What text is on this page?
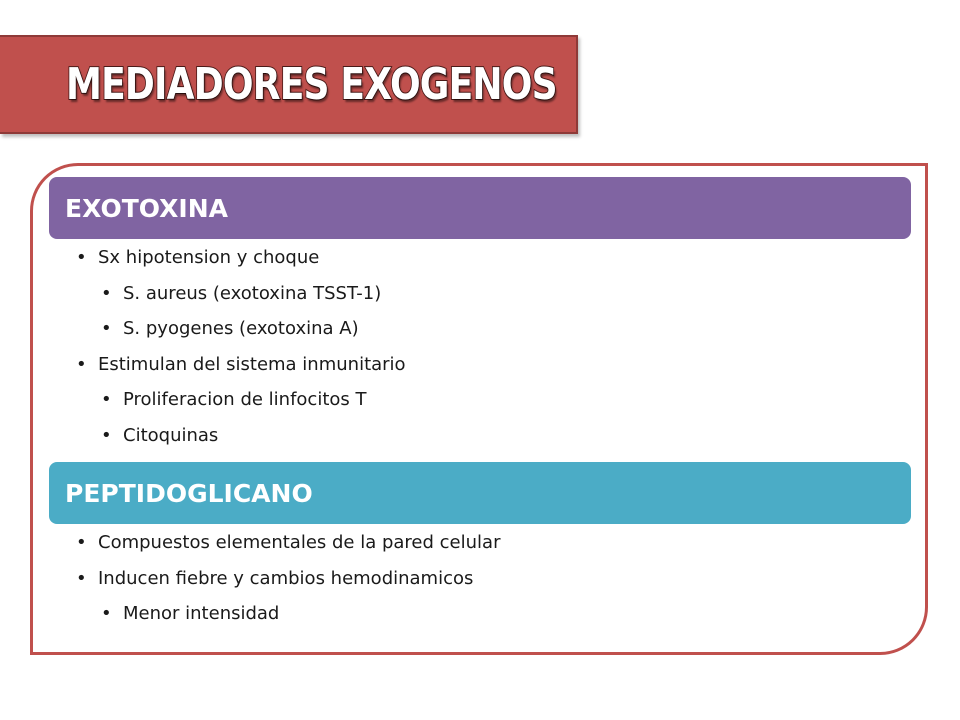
MEDIADORES EXOGENOS
EXOTOXINA
• Sx hipotension y choque
• S. aureus (exotoxina TSST-1)
• S. pyogenes (exotoxina A)
• Estimulan del sistema inmunitario
• Proliferacion de linfocitos T
• Citoquinas
PEPTIDOGLICANO
• Compuestos elementales de la pared celular
• Inducen fiebre y cambios hemodinamicos
• Menor intensidad
